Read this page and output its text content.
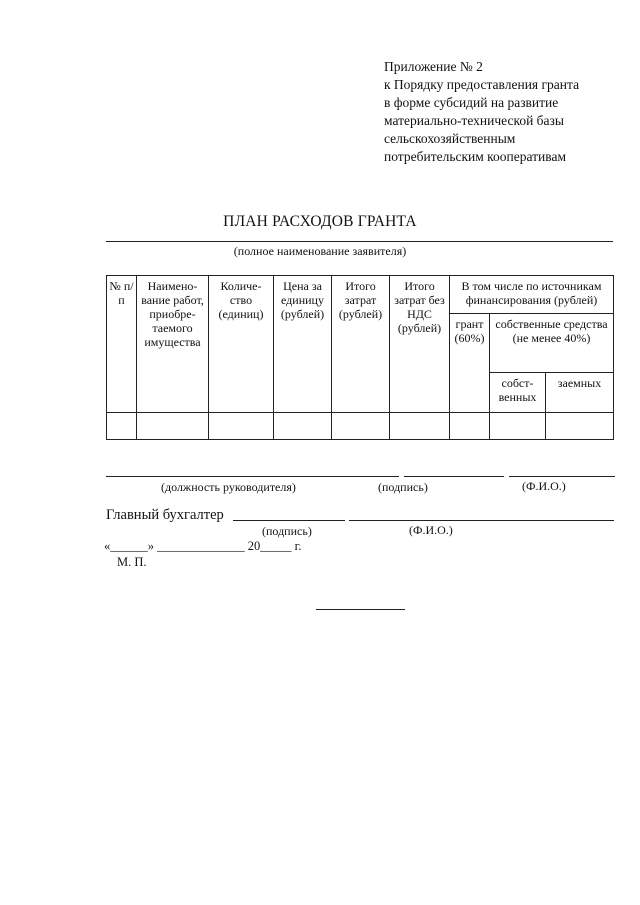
Приложение № 2
к Порядку предоставления гранта
в форме субсидий на развитие
материально-технической базы
сельскохозяйственным
потребительским кооперативам
ПЛАН РАСХОДОВ ГРАНТА
(полное наименование заявителя)
№ п/п	Наимено-вание работ, приобре-таемого имущества	Количе-ство (единиц)	Цена за единицу (рублей)	Итого затрат (рублей)	Итого затрат без НДС (рублей)	В том числе по источникам финансирования (рублей)		
						грант (60%)	собственные средства (не менее 40%)	
							собст-венных	заемных

(должность руководителя)	(подпись)	(Ф.И.О.)
Главный бухгалтер
(подпись)	(Ф.И.О.)
«______» ______________ 20_____ г.
М. П.
